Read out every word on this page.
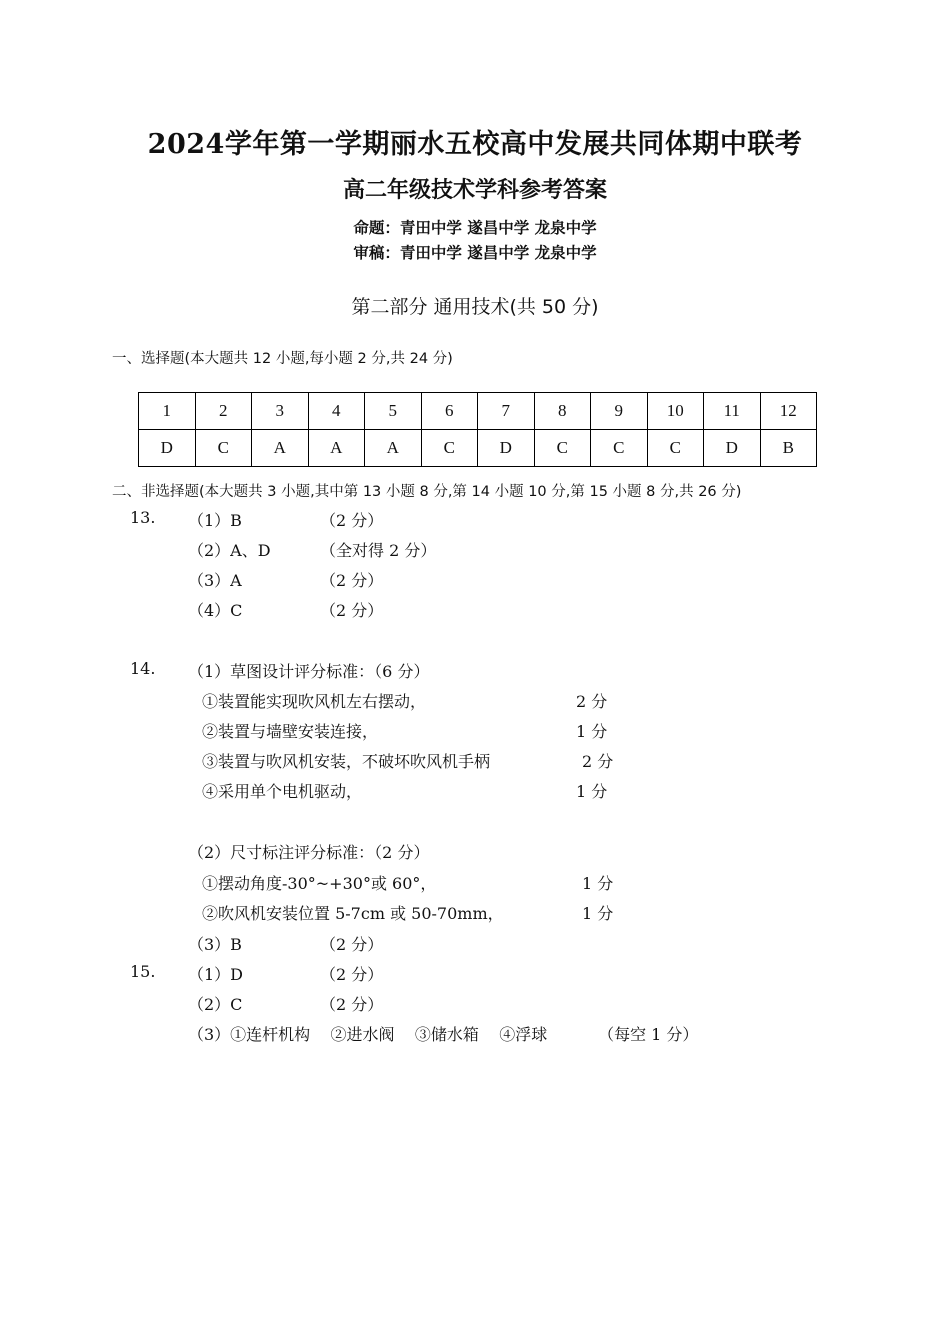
2024学年第一学期丽水五校高中发展共同体期中联考
高二年级技术学科参考答案
命题：青田中学 遂昌中学 龙泉中学
审稿：青田中学 遂昌中学 龙泉中学
第二部分 通用技术(共 50 分)
一、选择题(本大题共 12 小题,每小题 2 分,共 24 分)
1	2	3	4	5	6	7	8	9	10	11	12
D	C	A	A	A	C	D	C	C	C	D	B
二、非选择题(本大题共 3 小题,其中第 13 小题 8 分,第 14 小题 10 分,第 15 小题 8 分,共 26 分)
13. （1）B	（2 分）
（2）A、D	（全对得 2 分）
（3）A	（2 分）
（4）C	（2 分）
14. （1）草图设计评分标准：（6 分）
①装置能实现吹风机左右摆动，	2 分
②装置与墙壁安装连接，	1 分
③装置与吹风机安装，不破坏吹风机手柄	2 分
④采用单个电机驱动，	1 分
（2）尺寸标注评分标准：（2 分）
①摆动角度-30°~+30°或 60°，	1 分
②吹风机安装位置 5-7cm 或 50-70mm，	1 分
（3）B	（2 分）
15. （1）D	（2 分）
（2）C	（2 分）
（3）①连杆机构    ②进水阀    ③储水箱    ④浮球          （每空 1 分）
